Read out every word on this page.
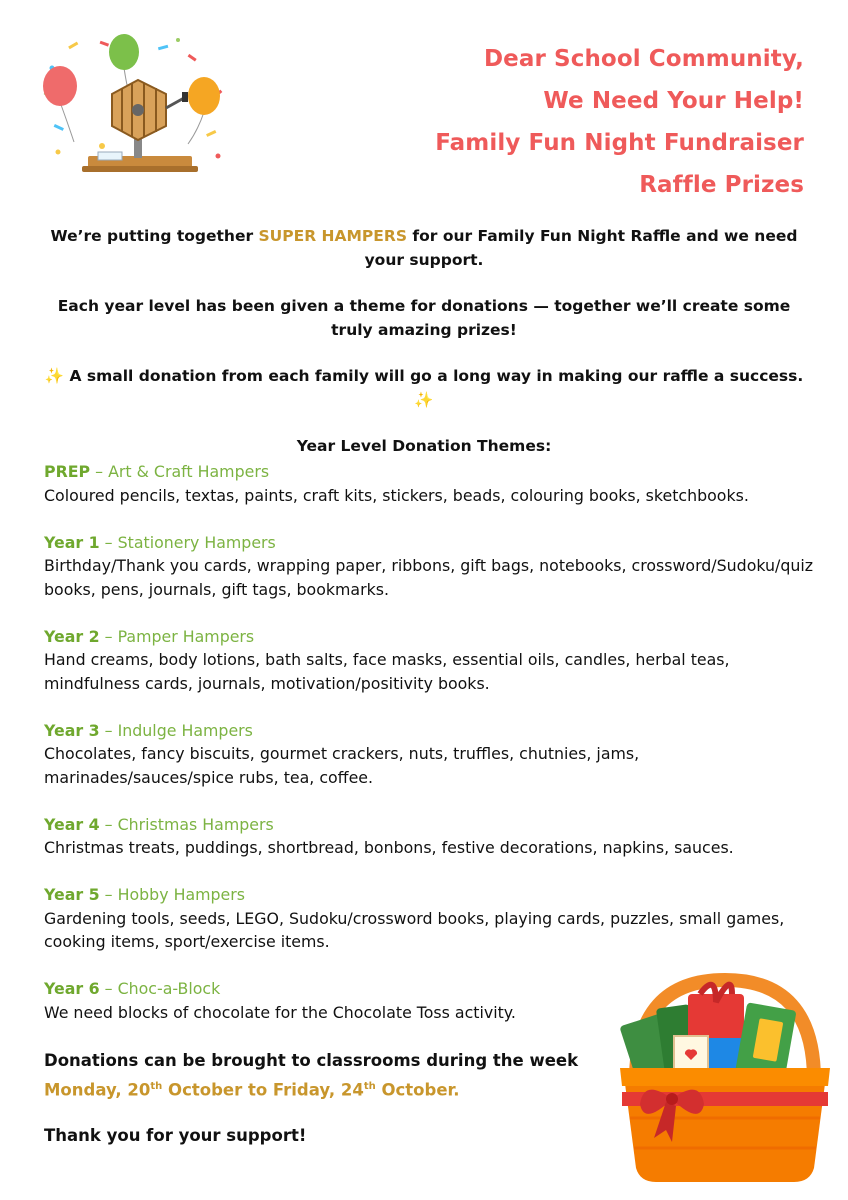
Dear School Community,
We Need Your Help!
Family Fun Night Fundraiser
Raffle Prizes

We’re putting together SUPER HAMPERS for our Family Fun Night Raffle and we need your support.

Each year level has been given a theme for donations — together we’ll create some truly amazing prizes!

✨ A small donation from each family will go a long way in making our raffle a success. ✨

Year Level Donation Themes:
PREP – Art & Craft Hampers
Coloured pencils, textas, paints, craft kits, stickers, beads, colouring books, sketchbooks.
Year 1 – Stationery Hampers
Birthday/Thank you cards, wrapping paper, ribbons, gift bags, notebooks, crossword/Sudoku/quiz books, pens, journals, gift tags, bookmarks.
Year 2 – Pamper Hampers
Hand creams, body lotions, bath salts, face masks, essential oils, candles, herbal teas, mindfulness cards, journals, motivation/positivity books.
Year 3 – Indulge Hampers
Chocolates, fancy biscuits, gourmet crackers, nuts, truffles, chutnies, jams, marinades/sauces/spice rubs, tea, coffee.
Year 4 – Christmas Hampers
Christmas treats, puddings, shortbread, bonbons, festive decorations, napkins, sauces.
Year 5 – Hobby Hampers
Gardening tools, seeds, LEGO, Sudoku/crossword books, playing cards, puzzles, small games, cooking items, sport/exercise items.
Year 6 – Choc-a-Block
We need blocks of chocolate for the Chocolate Toss activity.
Donations can be brought to classrooms during the week
Monday, 20th October to Friday, 24th October.
Thank you for your support!
